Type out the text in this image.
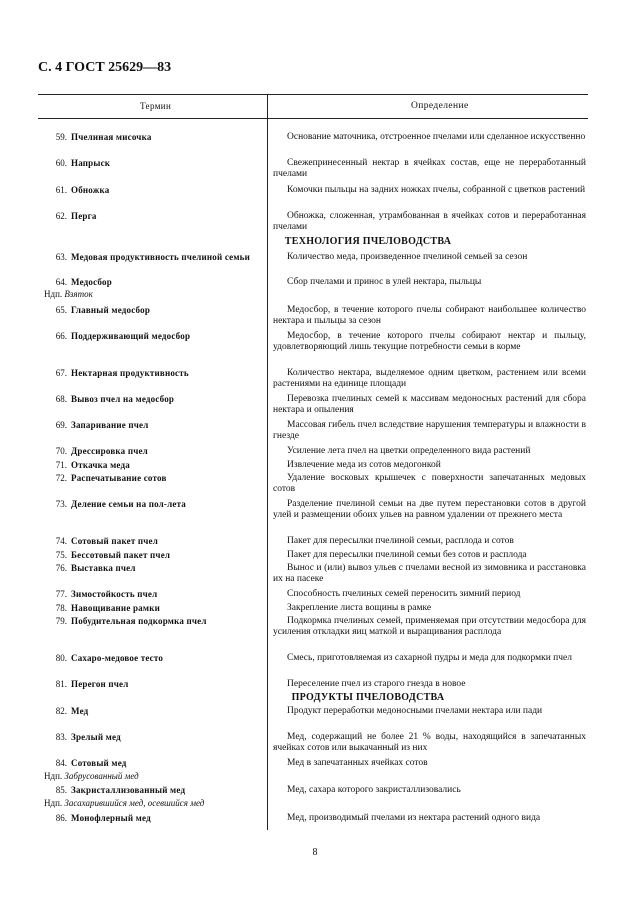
С. 4 ГОСТ 25629—83
Термин	Определение
59. Пчелиная мисочка	Основание маточника, отстроенное пчелами или сделанное искусственно
60. Напрыск	Свежепринесенный нектар в ячейках состав, еще не переработанный пчелами
61. Обножка	Комочки пыльцы на задних ножках пчелы, собранной с цветков растений
62. Перга	Обножка, сложенная, утрамбованная в ячейках сотов и переработанная пчелами
ТЕХНОЛОГИЯ ПЧЕЛОВОДСТВА
63. Медовая продуктивность пчелиной семьи	Количество меда, произведенное пчелиной семьей за сезон
64. Медосбор	Сбор пчелами и принос в улей нектара, пыльцы
Ндп. Взяток
65. Главный медосбор	Медосбор, в течение которого пчелы собирают наибольшее количество нектара и пыльцы за сезон
66. Поддерживающий медосбор	Медосбор, в течение которого пчелы собирают нектар и пыльцу, удовлетворяющий лишь текущие потребности семьи в корме
67. Нектарная продуктивность	Количество нектара, выделяемое одним цветком, растением или всеми растениями на единице площади
68. Вывоз пчел на медосбор	Перевозка пчелиных семей к массивам медоносных растений для сбора нектара и опыления
69. Запаривание пчел	Массовая гибель пчел вследствие нарушения температуры и влажности в гнезде
70. Дрессировка пчел	Усиление лета пчел на цветки определенного вида растений
71. Откачка меда	Извлечение меда из сотов медогонкой
72. Распечатывание сотов	Удаление восковых крышечек с поверхности запечатанных медовых сотов
73. Деление семьи на пол-лета	Разделение пчелиной семьи на две путем перестановки сотов в другой улей и размещении обоих ульев на равном удалении от прежнего места
74. Сотовый пакет пчел	Пакет для пересылки пчелиной семьи, расплода и сотов
75. Бессотовый пакет пчел	Пакет для пересылки пчелиной семьи без сотов и расплода
76. Выставка пчел	Вынос и (или) вывоз ульев с пчелами весной из зимовника и расстановка их на пасеке
77. Зимостойкость пчел	Способность пчелиных семей переносить зимний период
78. Навощивание рамки	Закрепление листа вощины в рамке
79. Побудительная подкормка пчел	Подкормка пчелиных семей, применяемая при отсутствии медосбора для усиления откладки яиц маткой и выращивания расплода
80. Сахаро-медовое тесто	Смесь, приготовляемая из сахарной пудры и меда для подкормки пчел
81. Перегон пчел	Переселение пчел из старого гнезда в новое
ПРОДУКТЫ ПЧЕЛОВОДСТВА
82. Мед	Продукт переработки медоносными пчелами нектара или пади
83. Зрелый мед	Мед, содержащий не более 21 % воды, находящийся в запечатанных ячейках сотов или выкачанный из них
84. Сотовый мед	Мед в запечатанных ячейках сотов
Ндп. Забрусованный мед
85. Закристаллизованный мед	Мед, сахара которого закристаллизовались
Ндп. Засахарившийся мед, осевшийся мед
86. Монофлерный мед	Мед, производимый пчелами из нектара растений одного вида
8
